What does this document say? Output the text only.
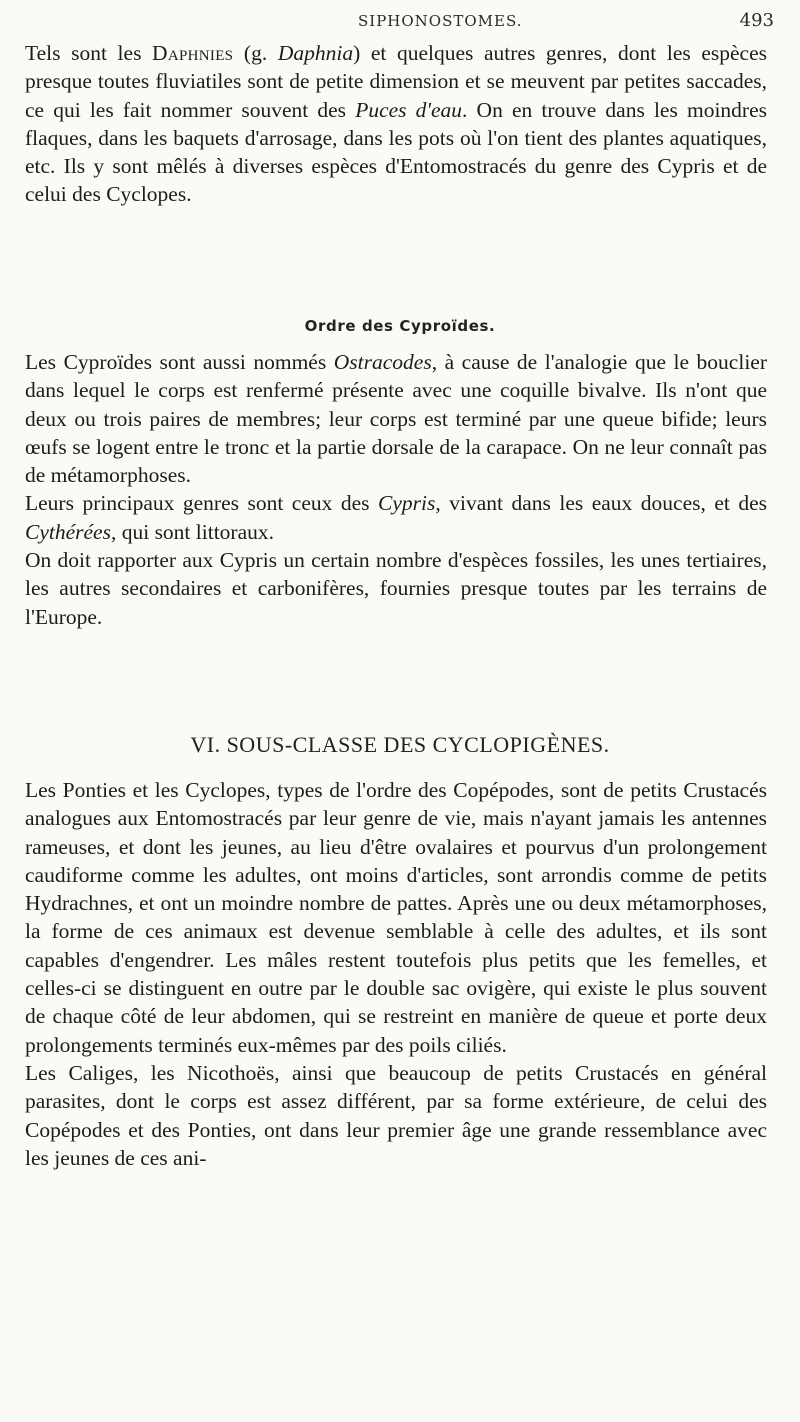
SIPHONOSTOMES.	493

Tels sont les Daphnies (g. Daphnia) et quelques autres genres, dont les espèces presque toutes fluviatiles sont de petite dimension et se meuvent par petites saccades, ce qui les fait nommer souvent des Puces d'eau. On en trouve dans les moindres flaques, dans les baquets d'arrosage, dans les pots où l'on tient des plantes aquatiques, etc. Ils y sont mêlés à diverses espèces d'Entomostracés du genre des Cypris et de celui des Cyclopes.

Ordre des Cyproïdes.

Les Cyproïdes sont aussi nommés Ostracodes, à cause de l'analogie que le bouclier dans lequel le corps est renfermé présente avec une coquille bivalve. Ils n'ont que deux ou trois paires de membres; leur corps est terminé par une queue bifide; leurs œufs se logent entre le tronc et la partie dorsale de la carapace. On ne leur connaît pas de métamorphoses.

Leurs principaux genres sont ceux des Cypris, vivant dans les eaux douces, et des Cythérées, qui sont littoraux.

On doit rapporter aux Cypris un certain nombre d'espèces fossiles, les unes tertiaires, les autres secondaires et carbonifères, fournies presque toutes par les terrains de l'Europe.

VI. SOUS-CLASSE DES CYCLOPIGÈNES.

Les Ponties et les Cyclopes, types de l'ordre des Copépodes, sont de petits Crustacés analogues aux Entomostracés par leur genre de vie, mais n'ayant jamais les antennes rameuses, et dont les jeunes, au lieu d'être ovalaires et pourvus d'un prolongement caudiforme comme les adultes, ont moins d'articles, sont arrondis comme de petits Hydrachnes, et ont un moindre nombre de pattes. Après une ou deux métamorphoses, la forme de ces animaux est devenue semblable à celle des adultes, et ils sont capables d'engendrer. Les mâles restent toutefois plus petits que les femelles, et celles-ci se distinguent en outre par le double sac ovigère, qui existe le plus souvent de chaque côté de leur abdomen, qui se restreint en manière de queue et porte deux prolongements terminés eux-mêmes par des poils ciliés.

Les Caliges, les Nicothoës, ainsi que beaucoup de petits Crustacés en général parasites, dont le corps est assez différent, par sa forme extérieure, de celui des Copépodes et des Ponties, ont dans leur premier âge une grande ressemblance avec les jeunes de ces ani-
